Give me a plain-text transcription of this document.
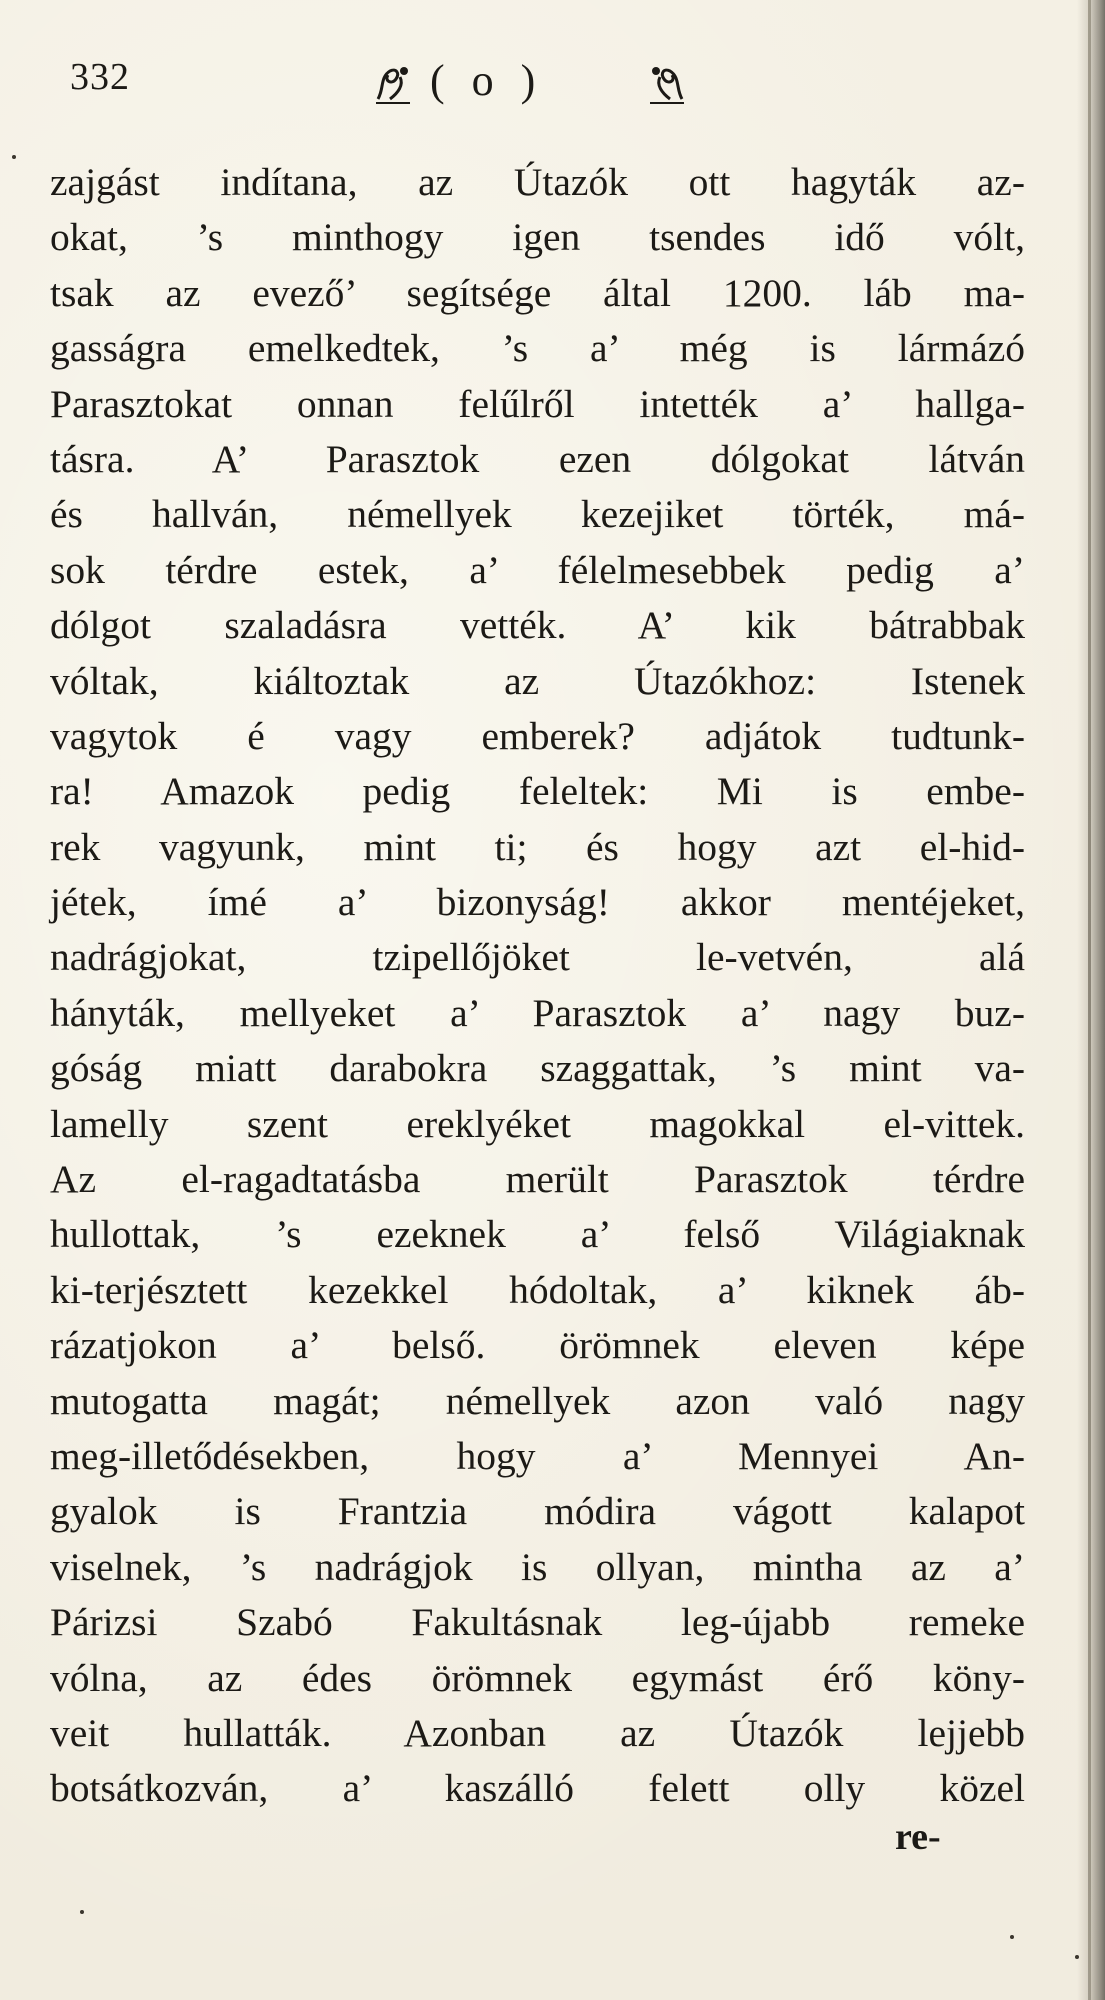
332	( o )
zajgást indítana, az Útazók ott hagyták az-
okat, ’s minthogy igen tsendes idő vólt,
tsak az evező’ segítsége által 1200. láb ma-
gasságra emelkedtek, ’s a’ még is lármázó
Parasztokat onnan felűlről intették a’ hallga-
tásra. A’ Parasztok ezen dólgokat látván
és hallván, némellyek kezejiket törték, má-
sok térdre estek, a’ félelmesebbek pedig a’
dólgot szaladásra vették. A’ kik bátrabbak
vóltak, kiáltoztak az Útazókhoz: Istenek
vagytok é vagy emberek? adjátok tudtunk-
ra! Amazok pedig feleltek: Mi is embe-
rek vagyunk, mint ti; és hogy azt el-hid-
jétek, ímé a’ bizonyság! akkor mentéjeket,
nadrágjokat, tzipellőjöket le-vetvén, alá
hányták, mellyeket a’ Parasztok a’ nagy buz-
góság miatt darabokra szaggattak, ’s mint va-
lamelly szent ereklyéket magokkal el-vittek.
Az el-ragadtatásba merült Parasztok térdre
hullottak, ’s ezeknek a’ felső Világiaknak
ki-terjésztett kezekkel hódoltak, a’ kiknek áb-
rázatjokon a’ belső. örömnek eleven képe
mutogatta magát; némellyek azon való nagy
meg-illetődésekben, hogy a’ Mennyei An-
gyalok is Frantzia módira vágott kalapot
viselnek, ’s nadrágjok is ollyan, mintha az a’
Párizsi Szabó Fakultásnak leg-újabb remeke
vólna, az édes örömnek egymást érő köny-
veit hullatták. Azonban az Útazók lejjebb
botsátkozván, a’ kaszálló felett olly közel
re-
